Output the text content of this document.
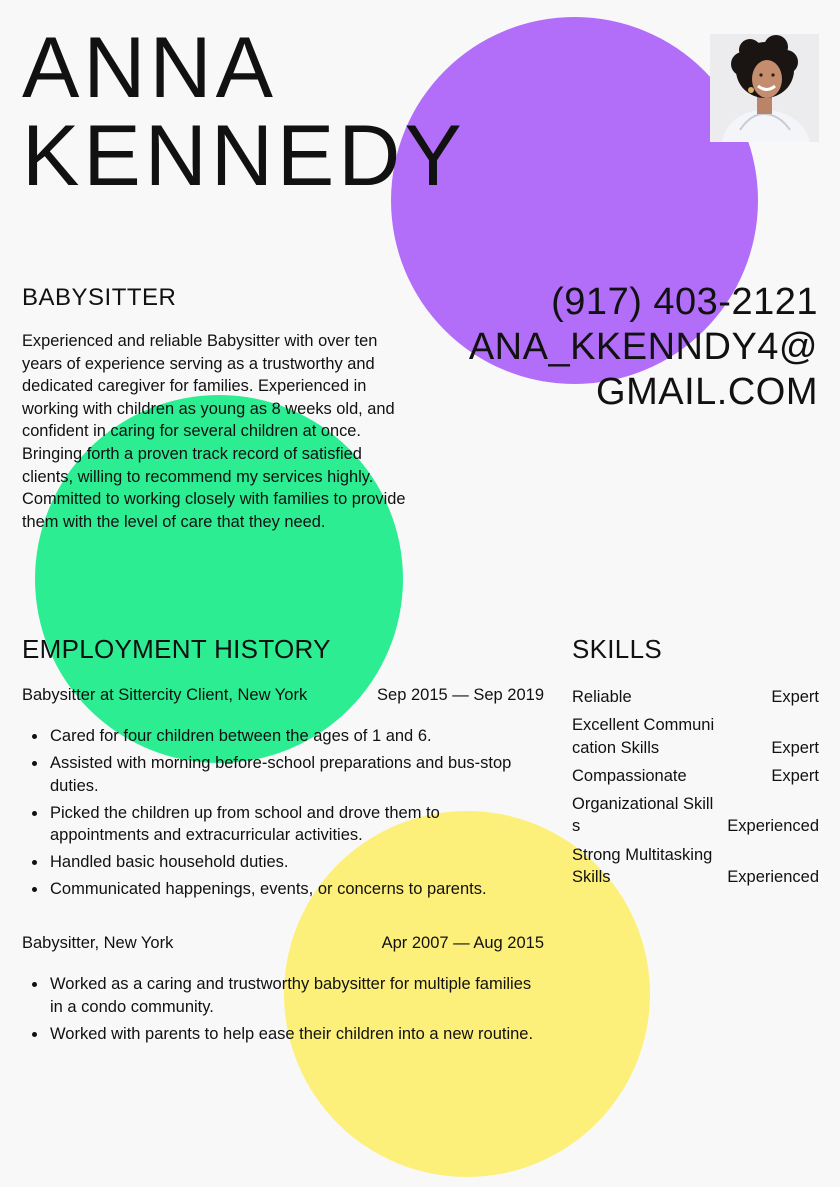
ANNA
KENNEDY
BABYSITTER

Experienced and reliable Babysitter with over ten years of experience serving as a trustworthy and dedicated caregiver for families. Experienced in working with children as young as 8 weeks old, and confident in caring for several children at once. Bringing forth a proven track record of satisfied clients, willing to recommend my services highly. Committed to working closely with families to provide them with the level of care that they need.

(917) 403-2121
ANA_KKENNDY4@
GMAIL.COM
EMPLOYMENT HISTORY
Babysitter at Sittercity Client, New York	Sep 2015 — Sep 2019
Cared for four children between the ages of 1 and 6.
Assisted with morning before-school preparations and bus-stop duties.
Picked the children up from school and drove them to appointments and extracurricular activities.
Handled basic household duties.
Communicated happenings, events, or concerns to parents.
Babysitter, New York	Apr 2007 — Aug 2015
Worked as a caring and trustworthy babysitter for multiple families in a condo community.
Worked with parents to help ease their children into a new routine.
SKILLS
Reliable	Expert
Excellent Communication Skills	Expert
Compassionate	Expert
Organizational Skills	Experienced
Strong Multitasking Skills	Experienced
